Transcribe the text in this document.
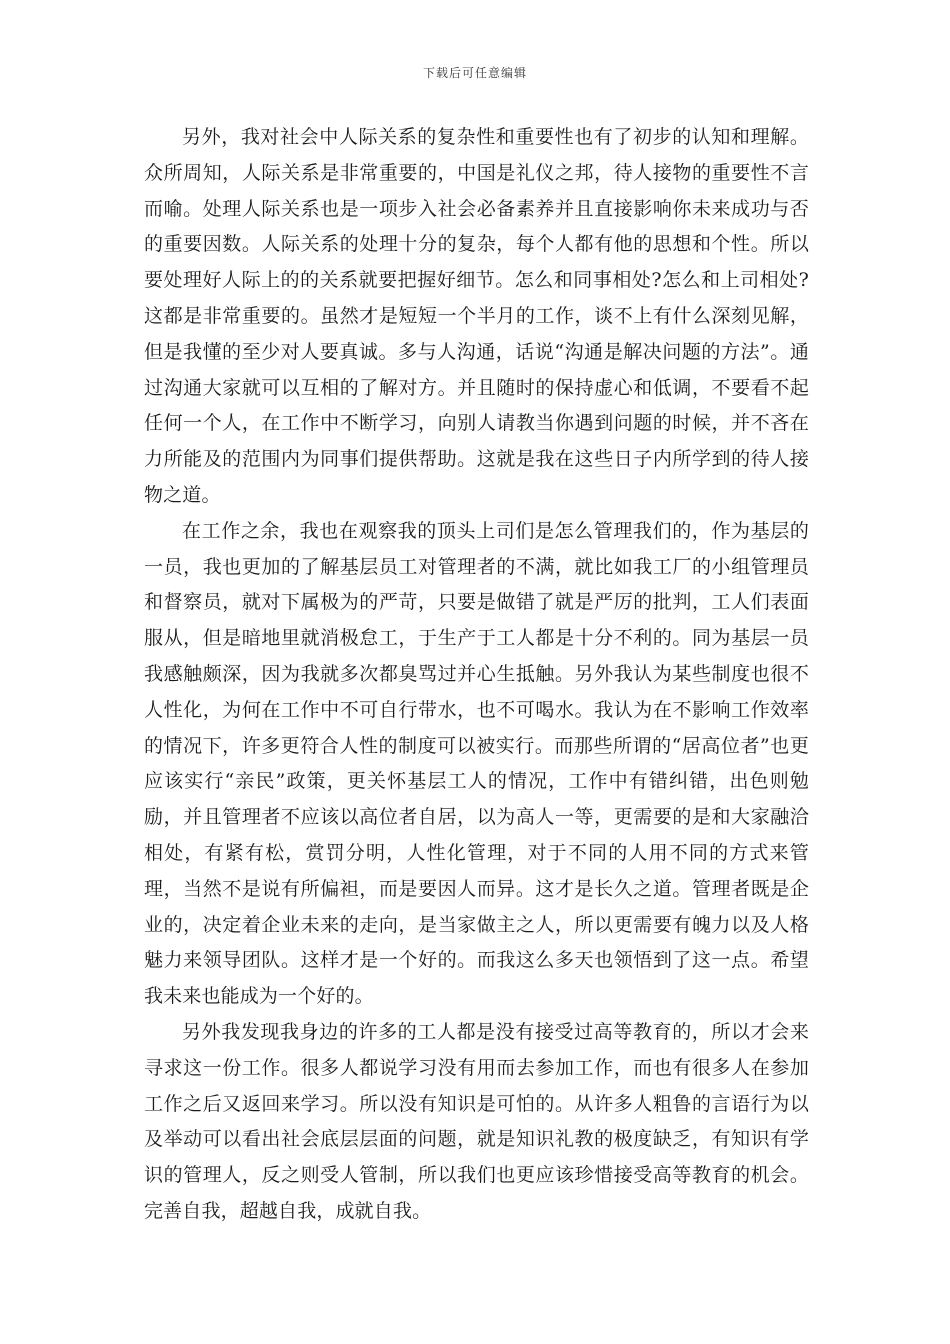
下载后可任意编辑

另外，我对社会中人际关系的复杂性和重要性也有了初步的认知和理解。众所周知，人际关系是非常重要的，中国是礼仪之邦，待人接物的重要性不言而喻。处理人际关系也是一项步入社会必备素养并且直接影响你未来成功与否的重要因数。人际关系的处理十分的复杂，每个人都有他的思想和个性。所以要处理好人际上的的关系就要把握好细节。怎么和同事相处?怎么和上司相处?这都是非常重要的。虽然才是短短一个半月的工作，谈不上有什么深刻见解，但是我懂的至少对人要真诚。多与人沟通，话说“沟通是解决问题的方法”。通过沟通大家就可以互相的了解对方。并且随时的保持虚心和低调，不要看不起任何一个人，在工作中不断学习，向别人请教当你遇到问题的时候，并不吝在力所能及的范围内为同事们提供帮助。这就是我在这些日子内所学到的待人接物之道。

在工作之余，我也在观察我的顶头上司们是怎么管理我们的，作为基层的一员，我也更加的了解基层员工对管理者的不满，就比如我工厂的小组管理员和督察员，就对下属极为的严苛，只要是做错了就是严厉的批判，工人们表面服从，但是暗地里就消极怠工，于生产于工人都是十分不利的。同为基层一员我感触颇深，因为我就多次都臭骂过并心生抵触。另外我认为某些制度也很不人性化，为何在工作中不可自行带水，也不可喝水。我认为在不影响工作效率的情况下，许多更符合人性的制度可以被实行。而那些所谓的“居高位者”也更应该实行“亲民”政策，更关怀基层工人的情况，工作中有错纠错，出色则勉励，并且管理者不应该以高位者自居，以为高人一等，更需要的是和大家融洽相处，有紧有松，赏罚分明，人性化管理，对于不同的人用不同的方式来管理，当然不是说有所偏袒，而是要因人而异。这才是长久之道。管理者既是企业的，决定着企业未来的走向，是当家做主之人，所以更需要有魄力以及人格魅力来领导团队。这样才是一个好的。而我这么多天也领悟到了这一点。希望我未来也能成为一个好的。

另外我发现我身边的许多的工人都是没有接受过高等教育的，所以才会来寻求这一份工作。很多人都说学习没有用而去参加工作，而也有很多人在参加工作之后又返回来学习。所以没有知识是可怕的。从许多人粗鲁的言语行为以及举动可以看出社会底层层面的问题，就是知识礼教的极度缺乏，有知识有学识的管理人，反之则受人管制，所以我们也更应该珍惜接受高等教育的机会。完善自我，超越自我，成就自我。
